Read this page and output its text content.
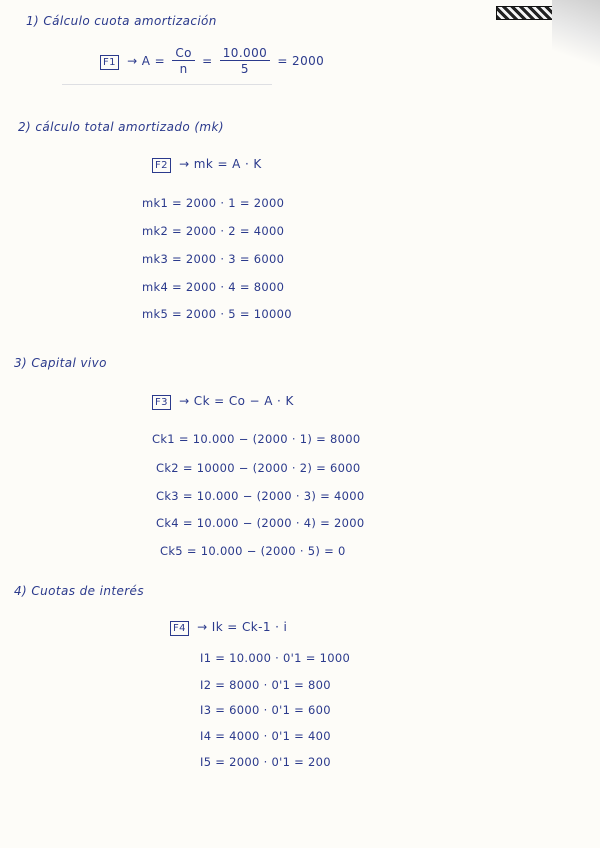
1) Cálculo cuota amortización
$F1 \to A = \frac{Co}{n} = \frac{10.000}{5} = 2000$
2) cálculo total amortizado (mk)
F2 → mk = A · K
mk1 = 2000 · 1 = 2000
mk2 = 2000 · 2 = 4000
mk3 = 2000 · 3 = 6000
mk4 = 2000 · 4 = 8000
mk5 = 2000 · 5 = 10000
3) Capital vivo
F3 → Ck = Co − A · K
Ck1 = 10.000 − (2000 · 1) = 8000
Ck2 = 10000 − (2000 · 2) = 6000
Ck3 = 10.000 − (2000 · 3) = 4000
Ck4 = 10.000 − (2000 · 4) = 2000
Ck5 = 10.000 − (2000 · 5) = 0
4) Cuotas de interés
F4 → Ik = Ck-1 · i
I1 = 10.000 · 0'1 = 1000
I2 = 8000 · 0'1 = 800
I3 = 6000 · 0'1 = 600
I4 = 4000 · 0'1 = 400
I5 = 2000 · 0'1 = 200
